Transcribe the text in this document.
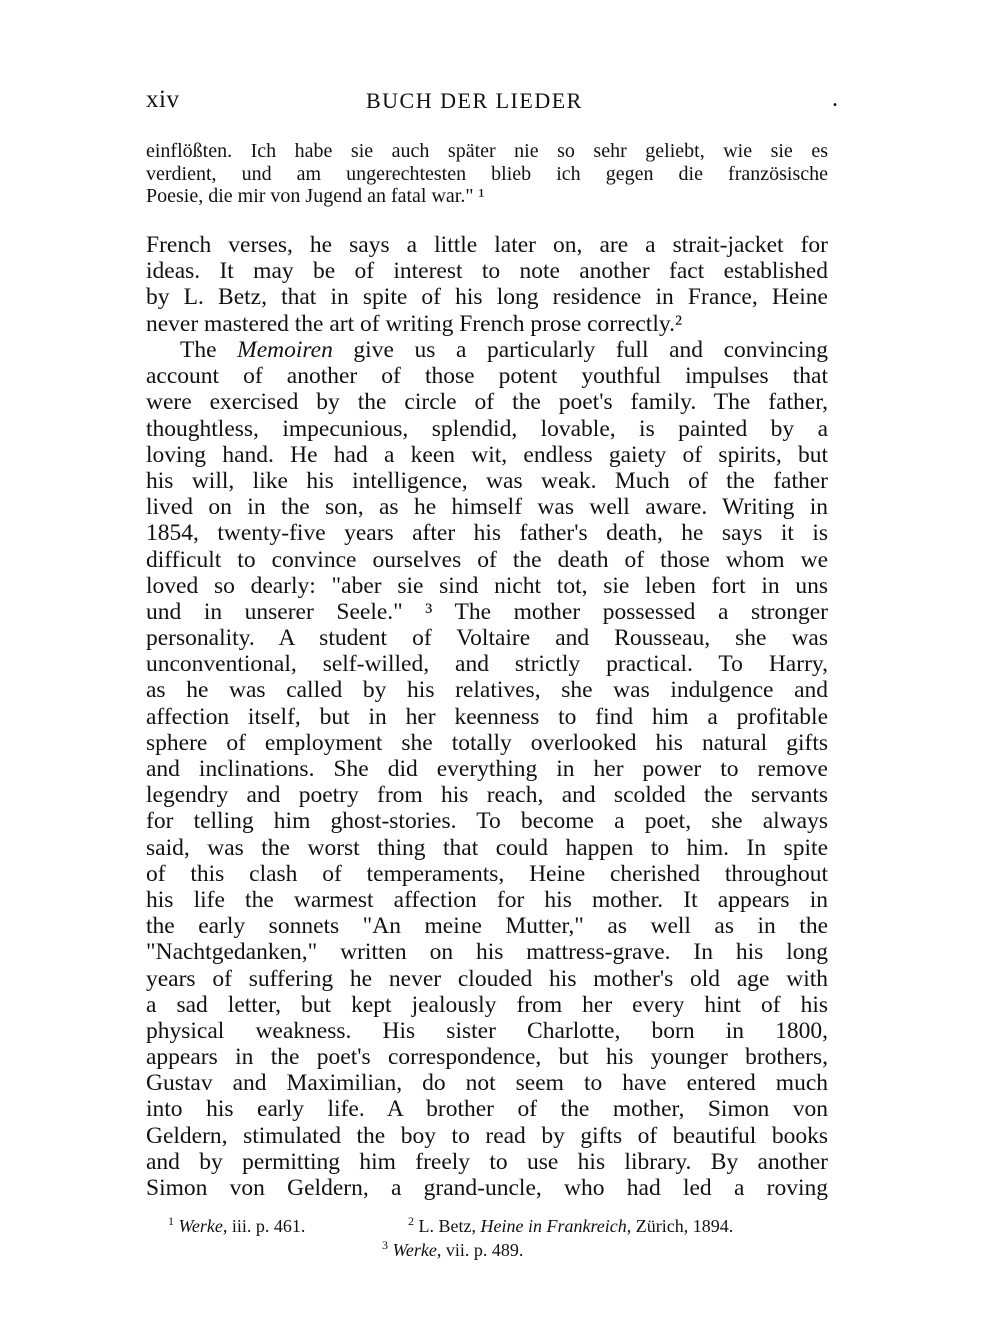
xiv	BUCH DER LIEDER	.
einflößten. Ich habe sie auch später nie so sehr geliebt, wie sie es
verdient, und am ungerechtesten blieb ich gegen die französische
Poesie, die mir von Jugend an fatal war." ¹
French verses, he says a little later on, are a strait-jacket for
ideas. It may be of interest to note another fact established
by L. Betz, that in spite of his long residence in France, Heine
never mastered the art of writing French prose correctly.²
The Memoiren give us a particularly full and convincing
account of another of those potent youthful impulses that
were exercised by the circle of the poet's family. The father,
thoughtless, impecunious, splendid, lovable, is painted by a
loving hand. He had a keen wit, endless gaiety of spirits, but
his will, like his intelligence, was weak. Much of the father
lived on in the son, as he himself was well aware. Writing in
1854, twenty-five years after his father's death, he says it is
difficult to convince ourselves of the death of those whom we
loved so dearly: "aber sie sind nicht tot, sie leben fort in uns
und in unserer Seele." ³ The mother possessed a stronger
personality. A student of Voltaire and Rousseau, she was
unconventional, self-willed, and strictly practical. To Harry,
as he was called by his relatives, she was indulgence and
affection itself, but in her keenness to find him a profitable
sphere of employment she totally overlooked his natural gifts
and inclinations. She did everything in her power to remove
legendry and poetry from his reach, and scolded the servants
for telling him ghost-stories. To become a poet, she always
said, was the worst thing that could happen to him. In spite
of this clash of temperaments, Heine cherished throughout
his life the warmest affection for his mother. It appears in
the early sonnets "An meine Mutter," as well as in the
"Nachtgedanken," written on his mattress-grave. In his long
years of suffering he never clouded his mother's old age with
a sad letter, but kept jealously from her every hint of his
physical weakness. His sister Charlotte, born in 1800,
appears in the poet's correspondence, but his younger brothers,
Gustav and Maximilian, do not seem to have entered much
into his early life. A brother of the mother, Simon von
Geldern, stimulated the boy to read by gifts of beautiful books
and by permitting him freely to use his library. By another
Simon von Geldern, a grand-uncle, who had led a roving
$^1$ Werke, iii. p. 461.	$^2$ L. Betz, Heine in Frankreich, Zürich, 1894.
$^3$ Werke, vii. p. 489.
